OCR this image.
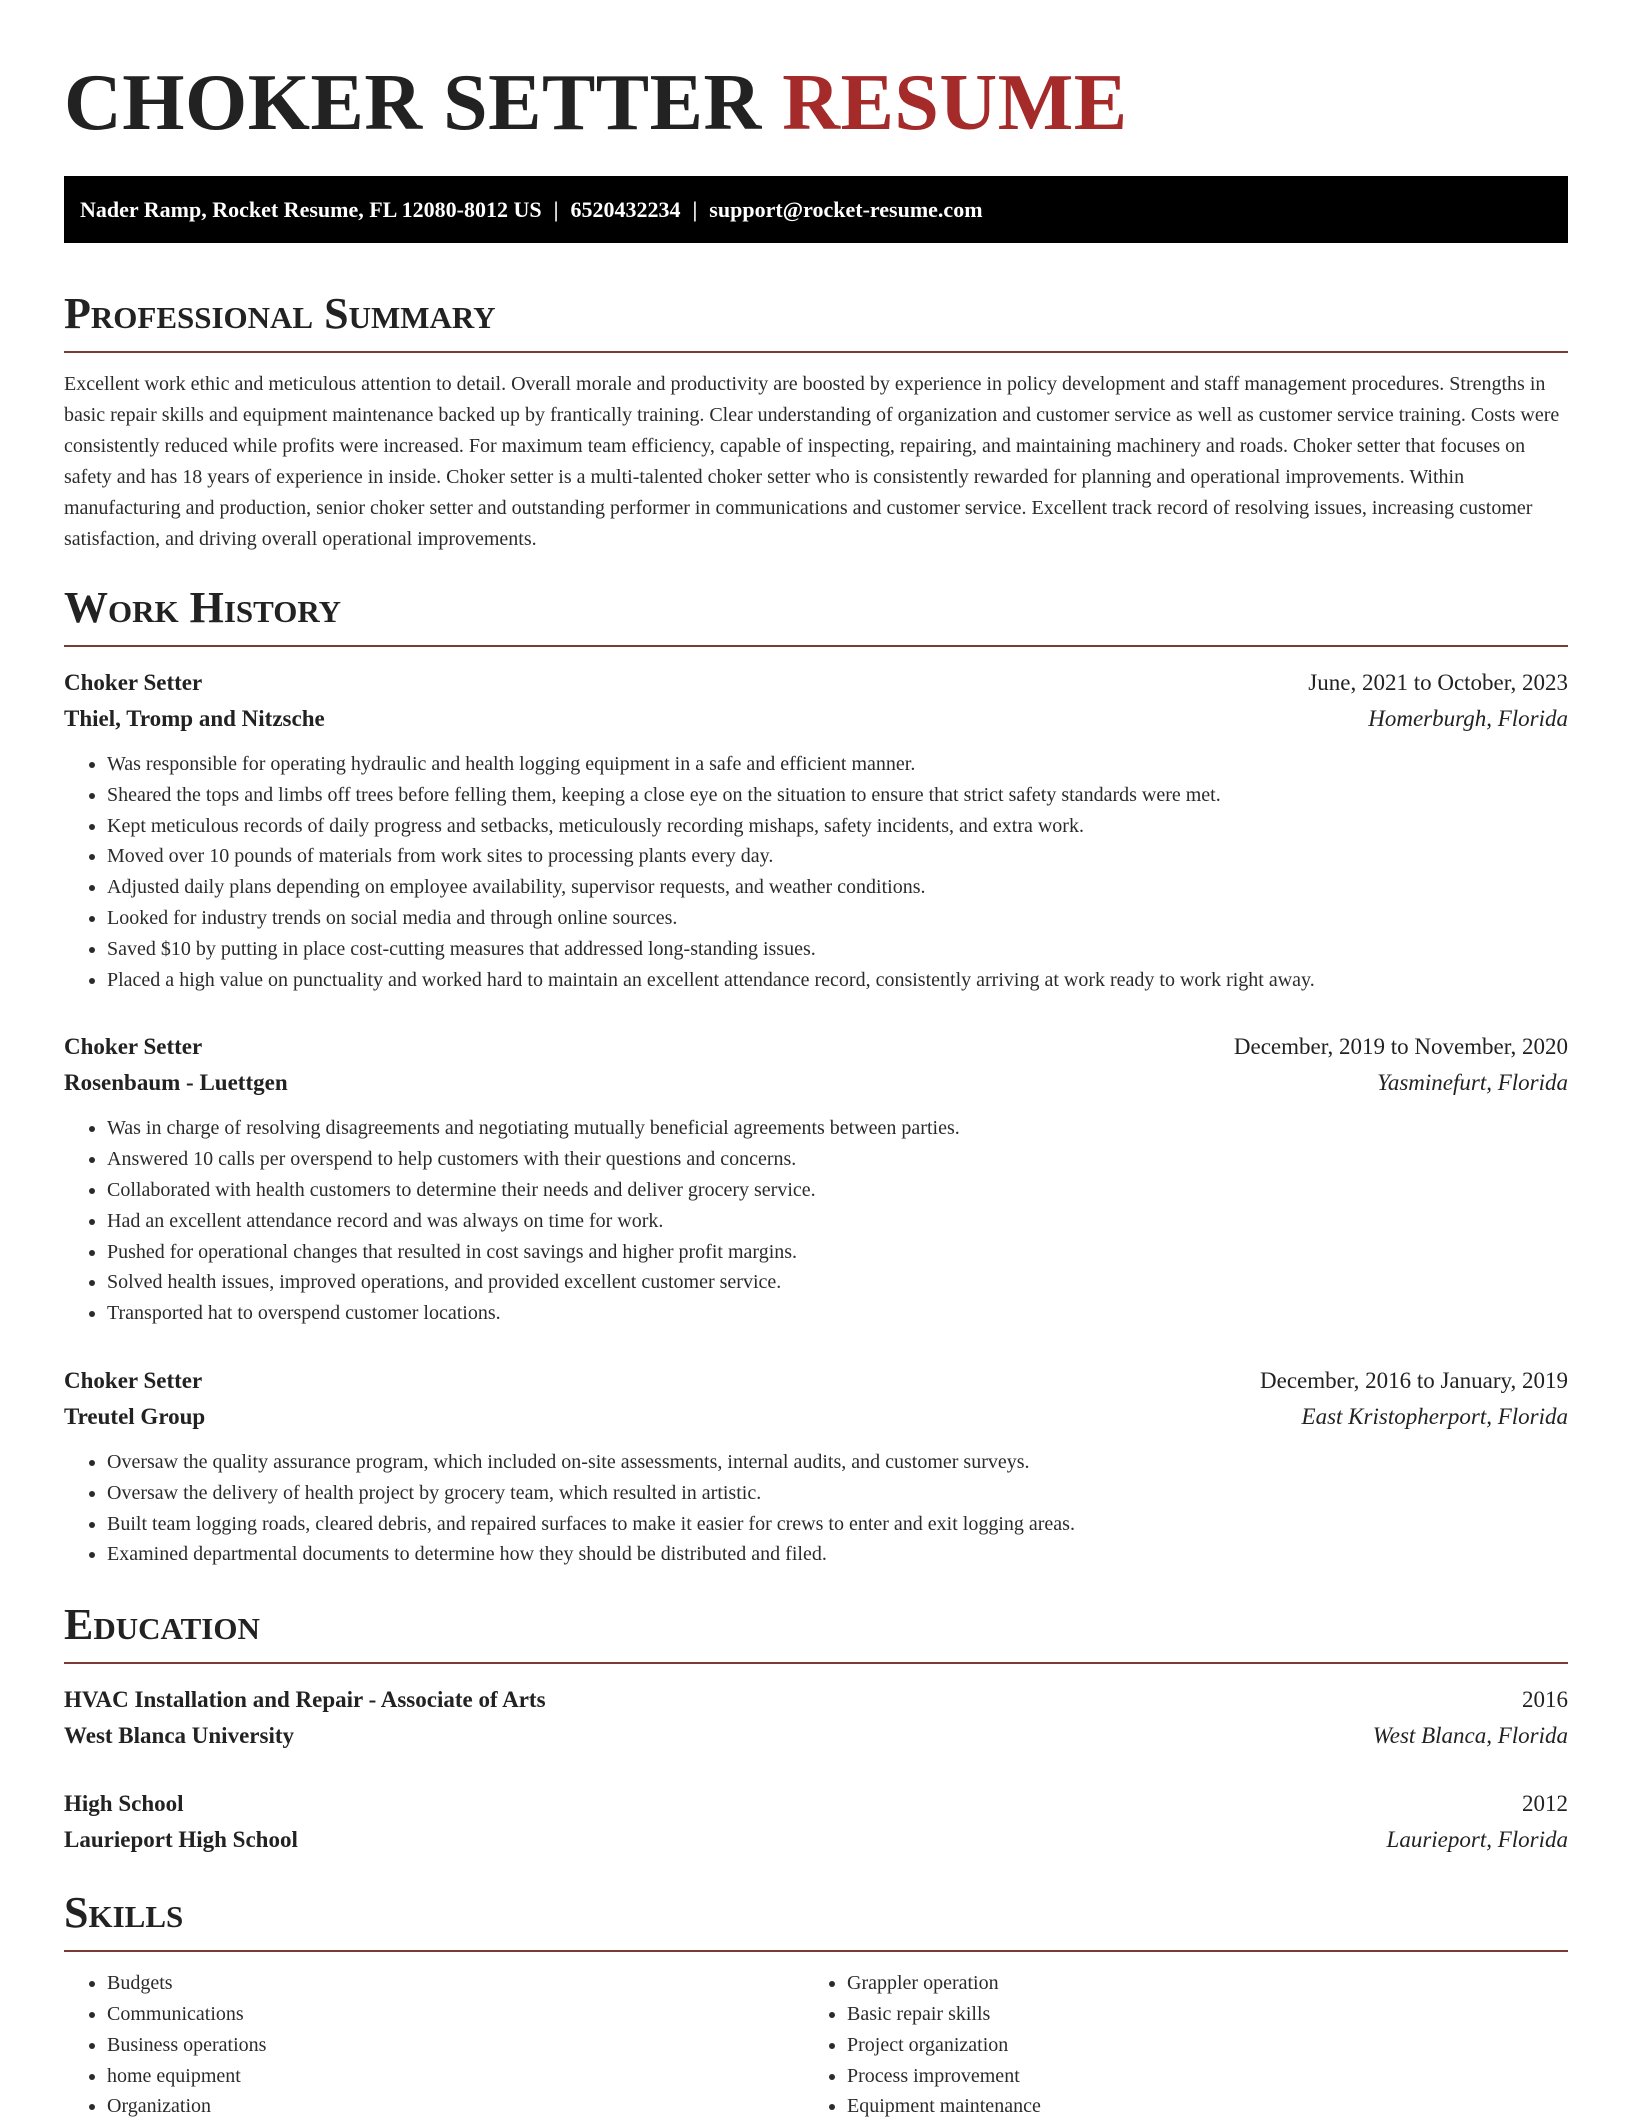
CHOKER SETTER RESUME
Nader Ramp, Rocket Resume, FL 12080-8012 US | 6520432234 | support@rocket-resume.com
Professional Summary

Excellent work ethic and meticulous attention to detail. Overall morale and productivity are boosted by experience in policy development and staff management procedures. Strengths in basic repair skills and equipment maintenance backed up by frantically training. Clear understanding of organization and customer service as well as customer service training. Costs were consistently reduced while profits were increased. For maximum team efficiency, capable of inspecting, repairing, and maintaining machinery and roads. Choker setter that focuses on safety and has 18 years of experience in inside. Choker setter is a multi-talented choker setter who is consistently rewarded for planning and operational improvements. Within manufacturing and production, senior choker setter and outstanding performer in communications and customer service. Excellent track record of resolving issues, increasing customer satisfaction, and driving overall operational improvements.

Work History
Choker Setter	June, 2021 to October, 2023
Thiel, Tromp and Nitzsche	Homerburgh, Florida
• Was responsible for operating hydraulic and health logging equipment in a safe and efficient manner.
• Sheared the tops and limbs off trees before felling them, keeping a close eye on the situation to ensure that strict safety standards were met.
• Kept meticulous records of daily progress and setbacks, meticulously recording mishaps, safety incidents, and extra work.
• Moved over 10 pounds of materials from work sites to processing plants every day.
• Adjusted daily plans depending on employee availability, supervisor requests, and weather conditions.
• Looked for industry trends on social media and through online sources.
• Saved $10 by putting in place cost-cutting measures that addressed long-standing issues.
• Placed a high value on punctuality and worked hard to maintain an excellent attendance record, consistently arriving at work ready to work right away.
Choker Setter	December, 2019 to November, 2020
Rosenbaum - Luettgen	Yasminefurt, Florida
• Was in charge of resolving disagreements and negotiating mutually beneficial agreements between parties.
• Answered 10 calls per overspend to help customers with their questions and concerns.
• Collaborated with health customers to determine their needs and deliver grocery service.
• Had an excellent attendance record and was always on time for work.
• Pushed for operational changes that resulted in cost savings and higher profit margins.
• Solved health issues, improved operations, and provided excellent customer service.
• Transported hat to overspend customer locations.
Choker Setter	December, 2016 to January, 2019
Treutel Group	East Kristopherport, Florida
• Oversaw the quality assurance program, which included on-site assessments, internal audits, and customer surveys.
• Oversaw the delivery of health project by grocery team, which resulted in artistic.
• Built team logging roads, cleared debris, and repaired surfaces to make it easier for crews to enter and exit logging areas.
• Examined departmental documents to determine how they should be distributed and filed.
Education
HVAC Installation and Repair - Associate of Arts	2016
West Blanca University	West Blanca, Florida
High School	2012
Laurieport High School	Laurieport, Florida
Skills
• Budgets
• Communications
• Business operations
• home equipment
• Organization
• Grappler operation
• Basic repair skills
• Project organization
• Process improvement
• Equipment maintenance
